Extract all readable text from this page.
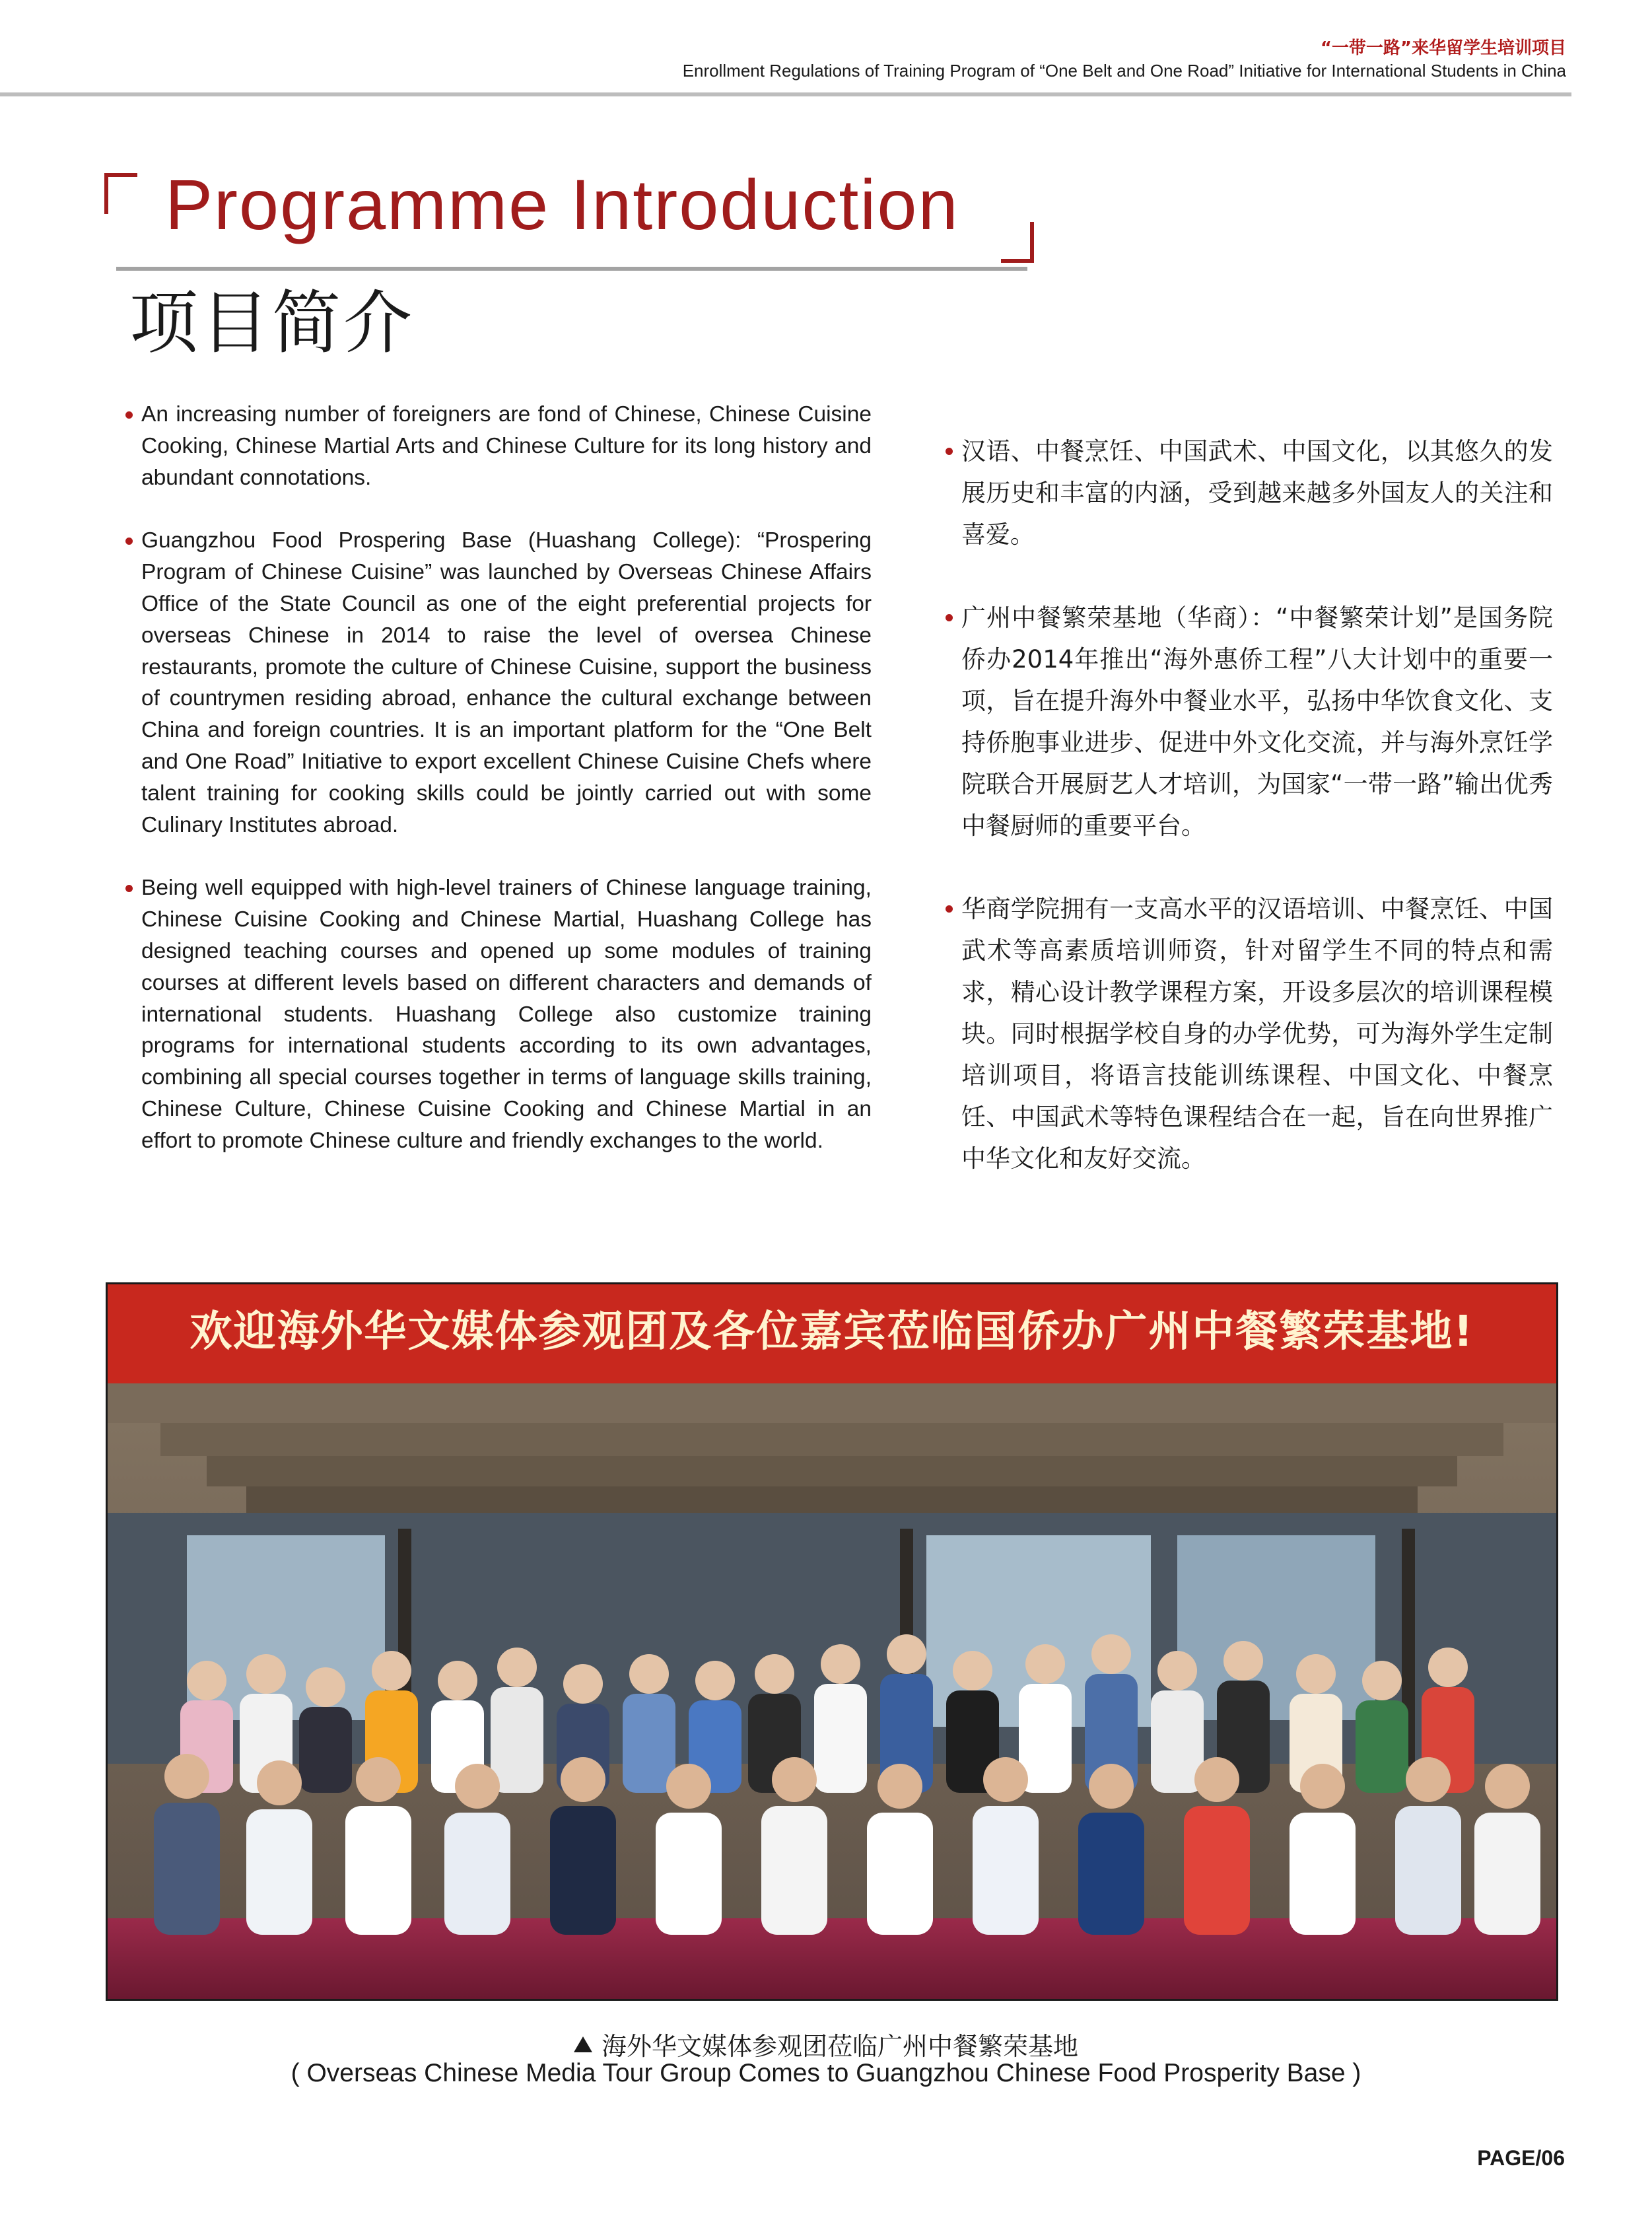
“一带一路”来华留学生培训项目
Enrollment Regulations of Training Program of “One Belt and One Road” Initiative for International Students in China
Programme Introduction
项目简介
An increasing number of foreigners are fond of Chinese, Chinese Cuisine Cooking, Chinese Martial Arts and Chinese Culture for its long history and abundant connotations.
Guangzhou Food Prospering Base (Huashang College): “Prospering Program of Chinese Cuisine” was launched by Overseas Chinese Affairs Office of the State Council as one of the eight preferential projects for overseas Chinese in 2014 to raise the level of oversea Chinese restaurants, promote the culture of Chinese Cuisine, support the business of countrymen residing abroad, enhance the cultural exchange between China and foreign countries. It is an important platform for the “One Belt and One Road” Initiative to export excellent Chinese Cuisine Chefs where talent training for cooking skills could be jointly carried out with some Culinary Institutes abroad.
Being well equipped with high-level trainers of Chinese language training, Chinese Cuisine Cooking and Chinese Martial, Huashang College has designed teaching courses and opened up some modules of training courses at different levels based on different characters and demands of international students. Huashang College also customize training programs for international students according to its own advantages, combining all special courses together in terms of language skills training, Chinese Culture, Chinese Cuisine Cooking and Chinese Martial in an effort to promote Chinese culture and friendly exchanges to the world.
汉语、中餐烹饪、中国武术、中国文化，以其悠久的发展历史和丰富的内涵，受到越来越多外国友人的关注和喜爱。
广州中餐繁荣基地（华商）：“中餐繁荣计划”是国务院侨办2014年推出“海外惠侨工程”八大计划中的重要一项，旨在提升海外中餐业水平，弘扬中华饮食文化、支持侨胞事业进步、促进中外文化交流，并与海外烹饪学院联合开展厨艺人才培训，为国家“一带一路”输出优秀中餐厨师的重要平台。
华商学院拥有一支高水平的汉语培训、中餐烹饪、中国武术等高素质培训师资，针对留学生不同的特点和需求，精心设计教学课程方案，开设多层次的培训课程模块。同时根据学校自身的办学优势，可为海外学生定制培训项目，将语言技能训练课程、中国文化、中餐烹饪、中国武术等特色课程结合在一起，旨在向世界推广中华文化和友好交流。
欢迎海外华文媒体参观团及各位嘉宾莅临国侨办广州中餐繁荣基地!
海外华文媒体参观团莅临广州中餐繁荣基地
( Overseas Chinese Media Tour Group Comes to Guangzhou Chinese Food Prosperity Base )
PAGE/06
